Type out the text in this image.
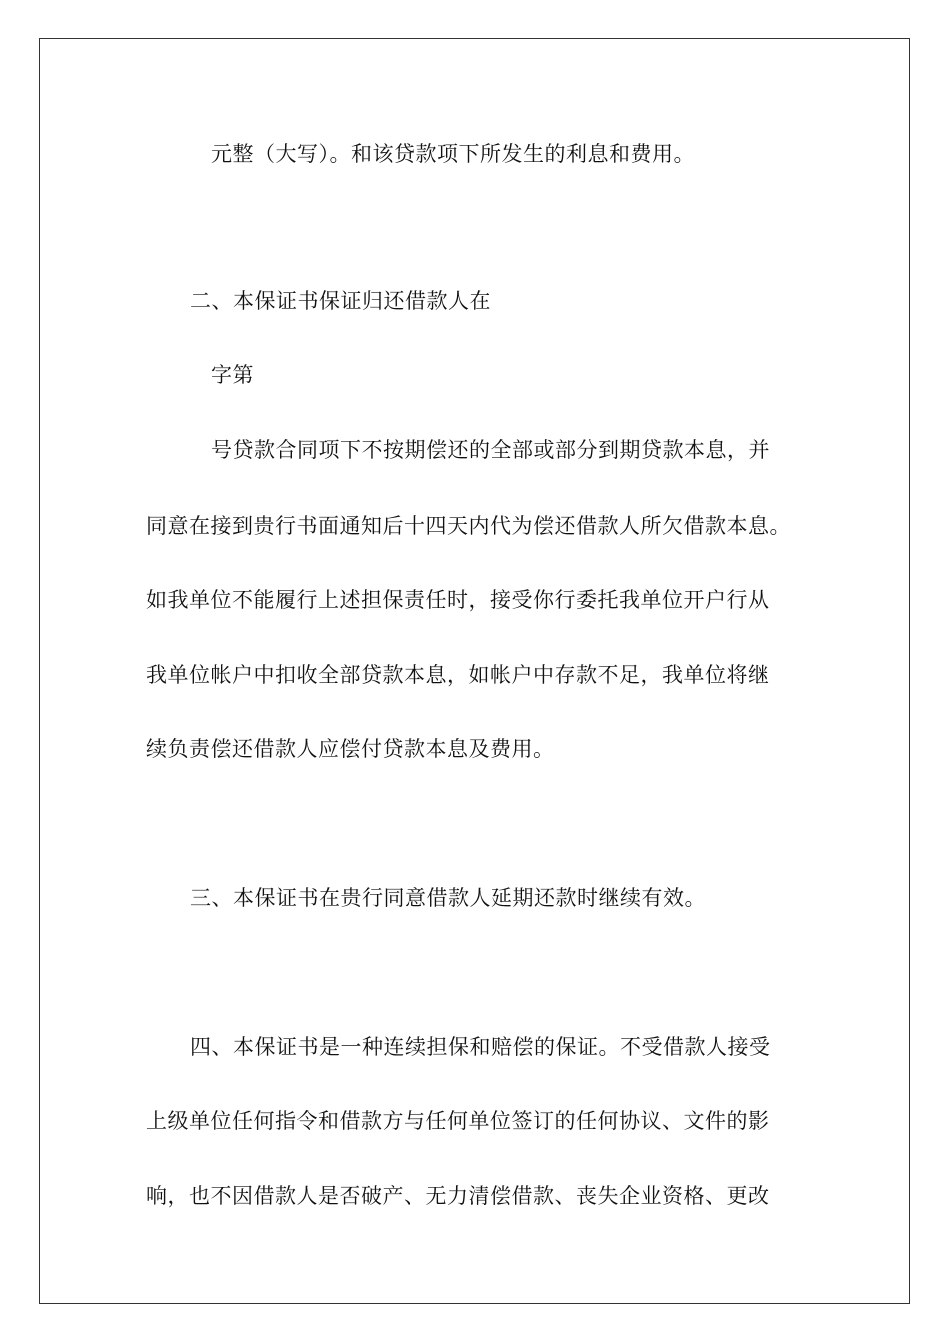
元整（大写）。和该贷款项下所发生的利息和费用。
二、本保证书保证归还借款人在
字第
号贷款合同项下不按期偿还的全部或部分到期贷款本息，并
同意在接到贵行书面通知后十四天内代为偿还借款人所欠借款本息。
如我单位不能履行上述担保责任时，接受你行委托我单位开户行从
我单位帐户中扣收全部贷款本息，如帐户中存款不足，我单位将继
续负责偿还借款人应偿付贷款本息及费用。
三、本保证书在贵行同意借款人延期还款时继续有效。
四、本保证书是一种连续担保和赔偿的保证。不受借款人接受
上级单位任何指令和借款方与任何单位签订的任何协议、文件的影
响，也不因借款人是否破产、无力清偿借款、丧失企业资格、更改
